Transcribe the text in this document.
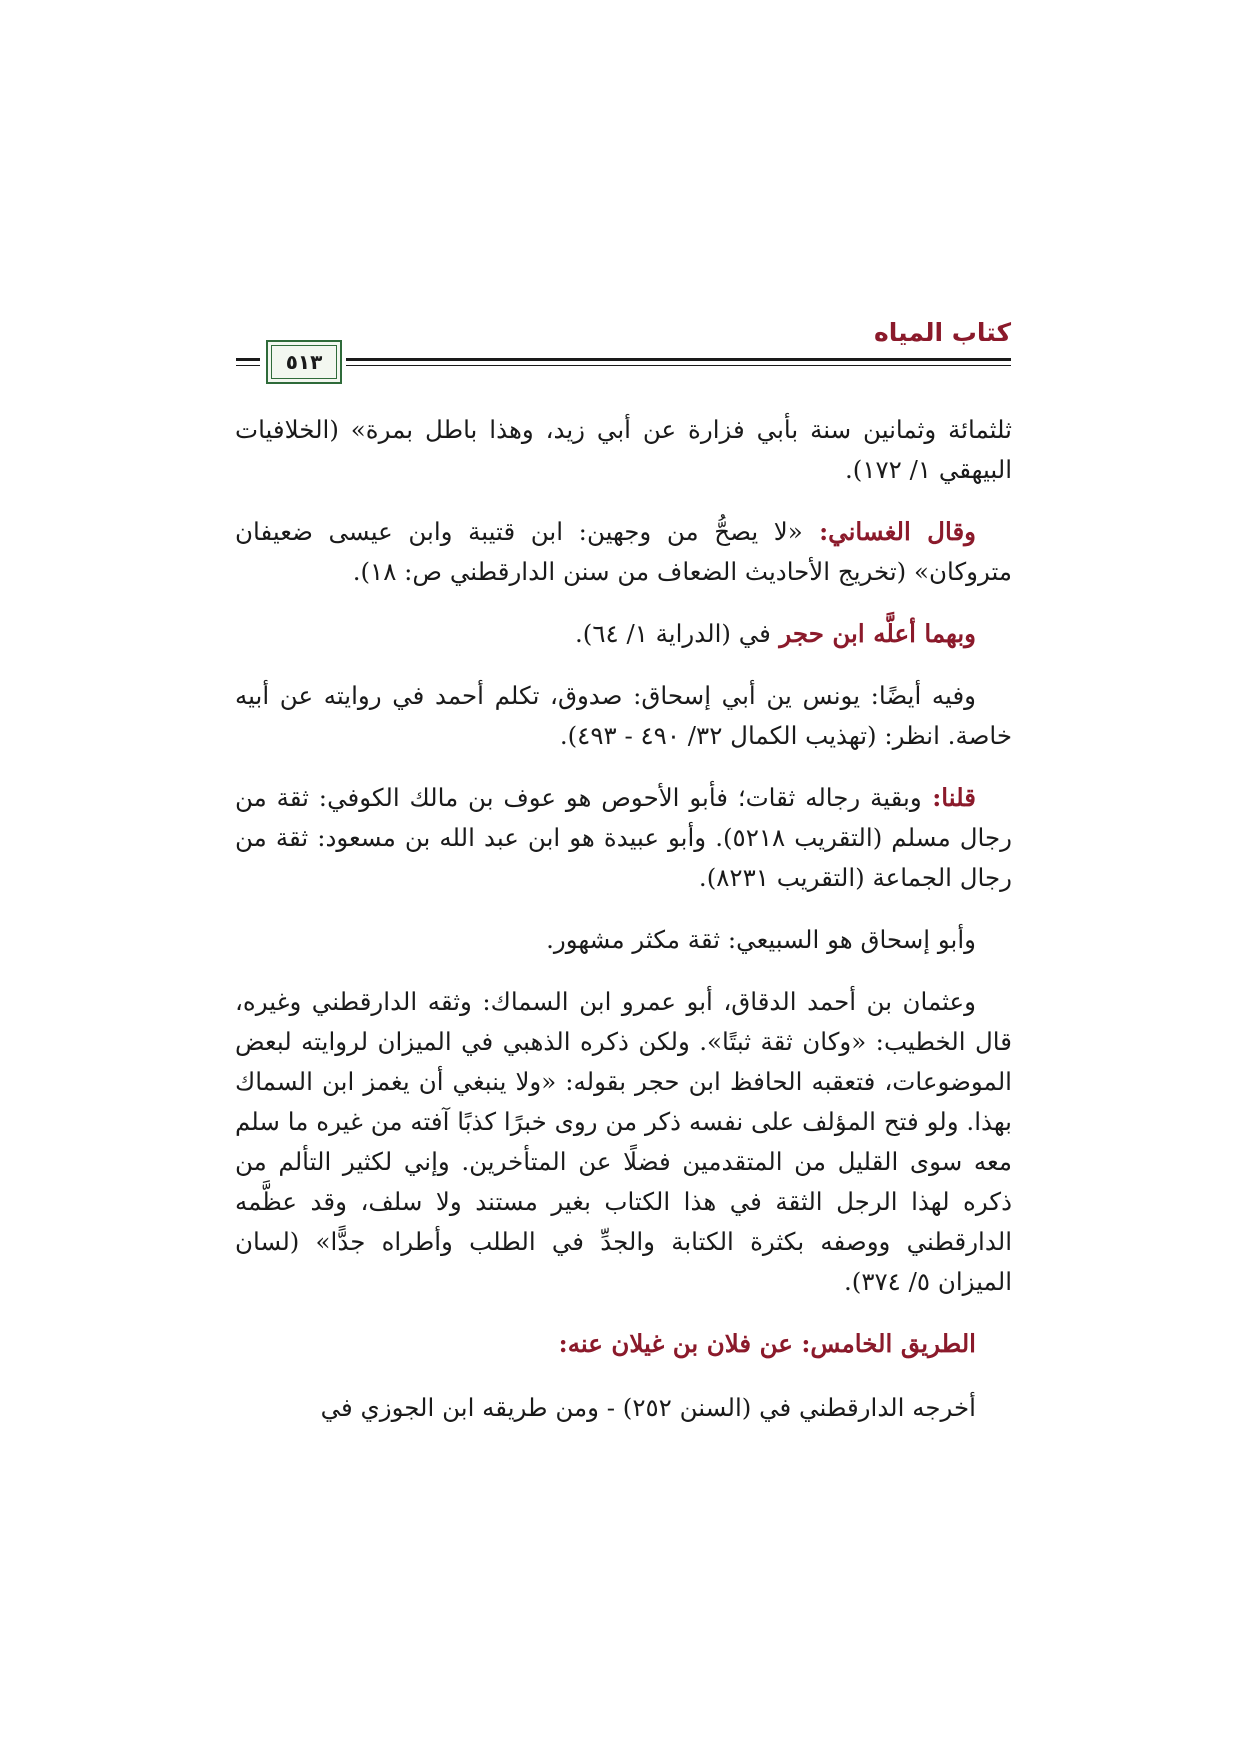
كتاب المياه
٥١٣

ثلثمائة وثمانين سنة بأبي فزارة عن أبي زيد، وهذا باطل بمرة» (الخلافيات البيهقي ١/ ١٧٢).

وقال الغساني: «لا يصحُّ من وجهين: ابن قتيبة وابن عيسى ضعيفان متروكان» (تخريج الأحاديث الضعاف من سنن الدارقطني ص: ١٨).

وبهما أعلَّه ابن حجر في (الدراية ١/ ٦٤).

وفيه أيضًا: يونس ين أبي إسحاق: صدوق، تكلم أحمد في روايته عن أبيه خاصة. انظر: (تهذيب الكمال ٣٢/ ٤٩٠ - ٤٩٣).

قلنا: وبقية رجاله ثقات؛ فأبو الأحوص هو عوف بن مالك الكوفي: ثقة من رجال مسلم (التقريب ٥٢١٨). وأبو عبيدة هو ابن عبد الله بن مسعود: ثقة من رجال الجماعة (التقريب ٨٢٣١).

وأبو إسحاق هو السبيعي: ثقة مكثر مشهور.

وعثمان بن أحمد الدقاق، أبو عمرو ابن السماك: وثقه الدارقطني وغيره، قال الخطيب: «وكان ثقة ثبتًا». ولكن ذكره الذهبي في الميزان لروايته لبعض الموضوعات، فتعقبه الحافظ ابن حجر بقوله: «ولا ينبغي أن يغمز ابن السماك بهذا. ولو فتح المؤلف على نفسه ذكر من روى خبرًا كذبًا آفته من غيره ما سلم معه سوى القليل من المتقدمين فضلًا عن المتأخرين. وإني لكثير التألم من ذكره لهذا الرجل الثقة في هذا الكتاب بغير مستند ولا سلف، وقد عظَّمه الدارقطني ووصفه بكثرة الكتابة والجدِّ في الطلب وأطراه جدًّا» (لسان الميزان ٥/ ٣٧٤).

الطريق الخامس: عن فلان بن غيلان عنه:

أخرجه الدارقطني في (السنن ٢٥٢) - ومن طريقه ابن الجوزي في
